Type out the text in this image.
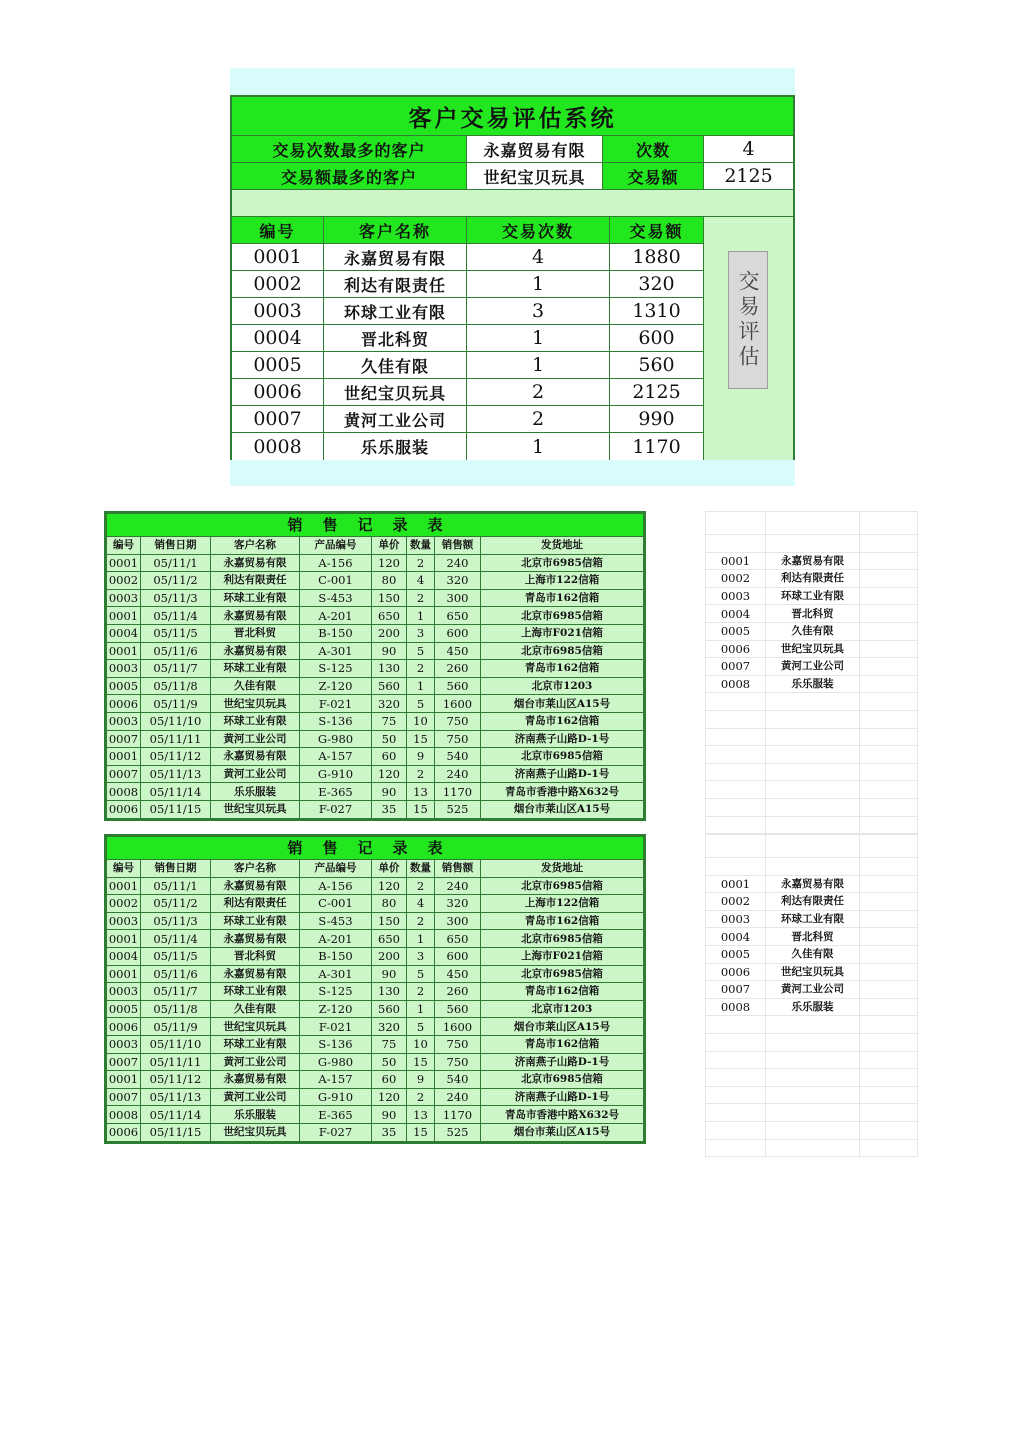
客户交易评估系统
交易次数最多的客户	永嘉贸易有限	次数	4
交易额最多的客户	世纪宝贝玩具	交易额	2125
编号	客户名称	交易次数	交易额
0001	永嘉贸易有限	4	1880
0002	利达有限责任	1	320
0003	环球工业有限	3	1310
0004	晋北科贸	1	600
0005	久佳有限	1	560
0006	世纪宝贝玩具	2	2125
0007	黄河工业公司	2	990
0008	乐乐服装	1	1170
交易评估
销售记录表							
编号	销售日期	客户名称	产品编号	单价	数量	销售额	发货地址
0001	05/11/1	永嘉贸易有限	A-156	120	2	240	北京市6985信箱
0002	05/11/2	利达有限责任	C-001	80	4	320	上海市122信箱
0003	05/11/3	环球工业有限	S-453	150	2	300	青岛市162信箱
0001	05/11/4	永嘉贸易有限	A-201	650	1	650	北京市6985信箱
0004	05/11/5	晋北科贸	B-150	200	3	600	上海市F021信箱
0001	05/11/6	永嘉贸易有限	A-301	90	5	450	北京市6985信箱
0003	05/11/7	环球工业有限	S-125	130	2	260	青岛市162信箱
0005	05/11/8	久佳有限	Z-120	560	1	560	北京市1203
0006	05/11/9	世纪宝贝玩具	F-021	320	5	1600	烟台市莱山区A15号
0003	05/11/10	环球工业有限	S-136	75	10	750	青岛市162信箱
0007	05/11/11	黄河工业公司	G-980	50	15	750	济南燕子山路D-1号
0001	05/11/12	永嘉贸易有限	A-157	60	9	540	北京市6985信箱
0007	05/11/13	黄河工业公司	G-910	120	2	240	济南燕子山路D-1号
0008	05/11/14	乐乐服装	E-365	90	13	1170	青岛市香港中路X632号
0006	05/11/15	世纪宝贝玩具	F-027	35	15	525	烟台市莱山区A15号

0001	永嘉贸易有限	
0002	利达有限责任	
0003	环球工业有限	
0004	晋北科贸	
0005	久佳有限	
0006	世纪宝贝玩具	
0007	黄河工业公司	
0008	乐乐服装	

销售记录表							
编号	销售日期	客户名称	产品编号	单价	数量	销售额	发货地址
0001	05/11/1	永嘉贸易有限	A-156	120	2	240	北京市6985信箱
0002	05/11/2	利达有限责任	C-001	80	4	320	上海市122信箱
0003	05/11/3	环球工业有限	S-453	150	2	300	青岛市162信箱
0001	05/11/4	永嘉贸易有限	A-201	650	1	650	北京市6985信箱
0004	05/11/5	晋北科贸	B-150	200	3	600	上海市F021信箱
0001	05/11/6	永嘉贸易有限	A-301	90	5	450	北京市6985信箱
0003	05/11/7	环球工业有限	S-125	130	2	260	青岛市162信箱
0005	05/11/8	久佳有限	Z-120	560	1	560	北京市1203
0006	05/11/9	世纪宝贝玩具	F-021	320	5	1600	烟台市莱山区A15号
0003	05/11/10	环球工业有限	S-136	75	10	750	青岛市162信箱
0007	05/11/11	黄河工业公司	G-980	50	15	750	济南燕子山路D-1号
0001	05/11/12	永嘉贸易有限	A-157	60	9	540	北京市6985信箱
0007	05/11/13	黄河工业公司	G-910	120	2	240	济南燕子山路D-1号
0008	05/11/14	乐乐服装	E-365	90	13	1170	青岛市香港中路X632号
0006	05/11/15	世纪宝贝玩具	F-027	35	15	525	烟台市莱山区A15号

0001	永嘉贸易有限	
0002	利达有限责任	
0003	环球工业有限	
0004	晋北科贸	
0005	久佳有限	
0006	世纪宝贝玩具	
0007	黄河工业公司	
0008	乐乐服装	
